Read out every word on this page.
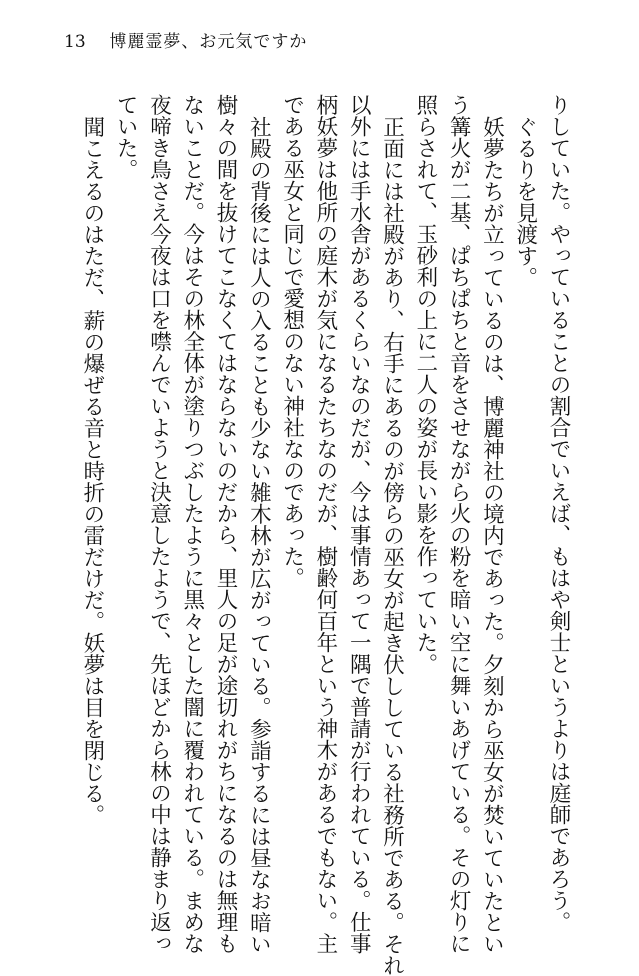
13 博麗霊夢、お元気ですか

りしていた。やっていることの割合でいえば、もはや剣士というよりは庭師であろう。

ぐるりを見渡す。

妖夢たちが立っているのは、博麗神社の境内であった。夕刻から巫女が焚いていたとい
う篝火が二基、ぱちぱちと音をさせながら火の粉を暗い空に舞いあげている。その灯りに
照らされて、玉砂利の上に二人の姿が長い影を作っていた。

正面には社殿があり、右手にあるのが傍らの巫女が起き伏ししている社務所である。それ
以外には手水舎があるくらいなのだが、今は事情あって一隅で普請が行われている。仕事
柄妖夢は他所の庭木が気になるたちなのだが、樹齢何百年という神木があるでもない。主
である巫女と同じで愛想のない神社なのであった。

社殿の背後には人の入ることも少ない雑木林が広がっている。参詣するには昼なお暗い
樹々の間を抜けてこなくてはならないのだから、里人の足が途切れがちになるのは無理も
ないことだ。今はその林全体が塗りつぶしたように黒々とした闇に覆われている。まめな
夜啼き鳥さえ今夜は口を噤んでいようと決意したようで、先ほどから林の中は静まり返っ
ていた。

聞こえるのはただ、薪の爆ぜる音と時折の雷だけだ。妖夢は目を閉じる。
